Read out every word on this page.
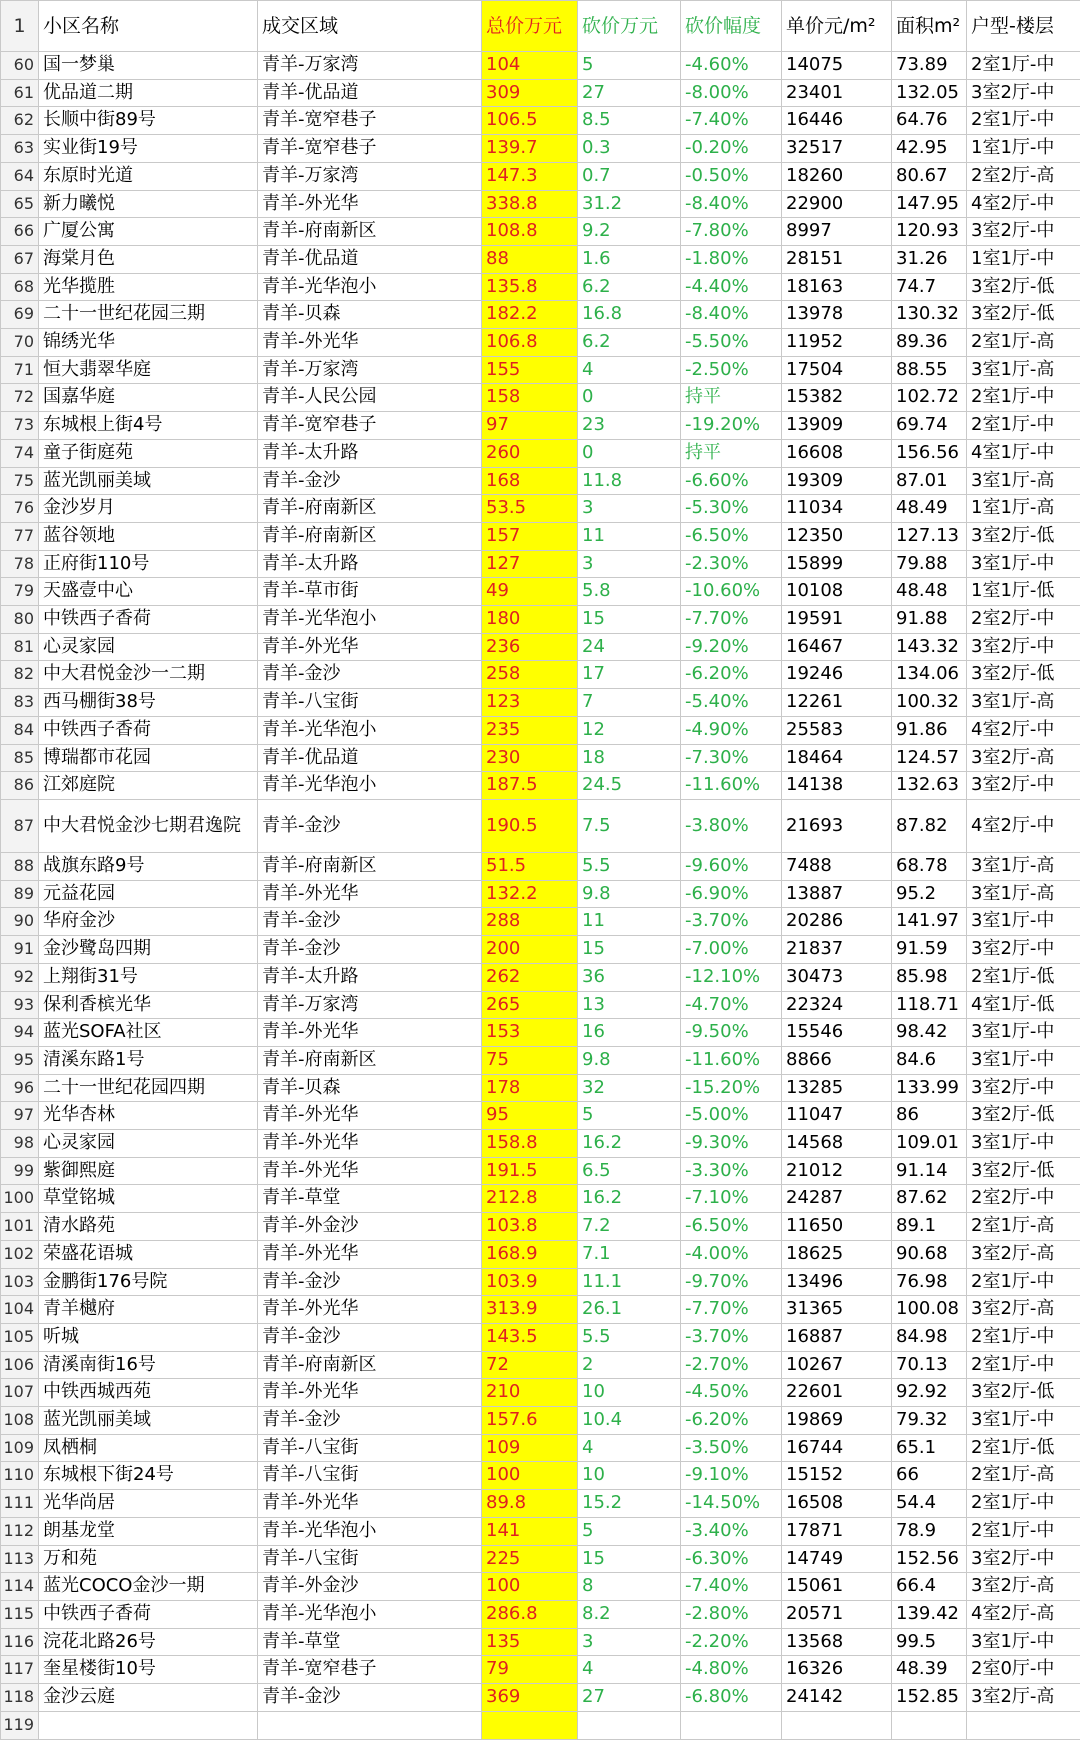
1	小区名称	成交区域	总价万元	砍价万元	砍价幅度	单价元/m²	面积m²	户型-楼层
60	国一梦巢	青羊-万家湾	104	5	-4.60%	14075	73.89	2室1厅-中
61	优品道二期	青羊-优品道	309	27	-8.00%	23401	132.05	3室2厅-中
62	长顺中街89号	青羊-宽窄巷子	106.5	8.5	-7.40%	16446	64.76	2室1厅-中
63	实业街19号	青羊-宽窄巷子	139.7	0.3	-0.20%	32517	42.95	1室1厅-中
64	东原时光道	青羊-万家湾	147.3	0.7	-0.50%	18260	80.67	2室2厅-高
65	新力曦悦	青羊-外光华	338.8	31.2	-8.40%	22900	147.95	4室2厅-中
66	广厦公寓	青羊-府南新区	108.8	9.2	-7.80%	8997	120.93	3室2厅-中
67	海棠月色	青羊-优品道	88	1.6	-1.80%	28151	31.26	1室1厅-中
68	光华揽胜	青羊-光华泡小	135.8	6.2	-4.40%	18163	74.7	3室2厅-低
69	二十一世纪花园三期	青羊-贝森	182.2	16.8	-8.40%	13978	130.32	3室2厅-低
70	锦绣光华	青羊-外光华	106.8	6.2	-5.50%	11952	89.36	2室1厅-高
71	恒大翡翠华庭	青羊-万家湾	155	4	-2.50%	17504	88.55	3室1厅-高
72	国嘉华庭	青羊-人民公园	158	0	持平	15382	102.72	2室1厅-中
73	东城根上街4号	青羊-宽窄巷子	97	23	-19.20%	13909	69.74	2室1厅-中
74	童子街庭苑	青羊-太升路	260	0	持平	16608	156.56	4室1厅-中
75	蓝光凯丽美域	青羊-金沙	168	11.8	-6.60%	19309	87.01	3室1厅-高
76	金沙岁月	青羊-府南新区	53.5	3	-5.30%	11034	48.49	1室1厅-高
77	蓝谷领地	青羊-府南新区	157	11	-6.50%	12350	127.13	3室2厅-低
78	正府街110号	青羊-太升路	127	3	-2.30%	15899	79.88	3室1厅-中
79	天盛壹中心	青羊-草市街	49	5.8	-10.60%	10108	48.48	1室1厅-低
80	中铁西子香荷	青羊-光华泡小	180	15	-7.70%	19591	91.88	2室2厅-中
81	心灵家园	青羊-外光华	236	24	-9.20%	16467	143.32	3室2厅-中
82	中大君悦金沙一二期	青羊-金沙	258	17	-6.20%	19246	134.06	3室2厅-低
83	西马棚街38号	青羊-八宝街	123	7	-5.40%	12261	100.32	3室1厅-高
84	中铁西子香荷	青羊-光华泡小	235	12	-4.90%	25583	91.86	4室2厅-中
85	博瑞都市花园	青羊-优品道	230	18	-7.30%	18464	124.57	3室2厅-高
86	江郊庭院	青羊-光华泡小	187.5	24.5	-11.60%	14138	132.63	3室2厅-中
87	中大君悦金沙七期君逸院	青羊-金沙	190.5	7.5	-3.80%	21693	87.82	4室2厅-中
88	战旗东路9号	青羊-府南新区	51.5	5.5	-9.60%	7488	68.78	3室1厅-高
89	元益花园	青羊-外光华	132.2	9.8	-6.90%	13887	95.2	3室1厅-高
90	华府金沙	青羊-金沙	288	11	-3.70%	20286	141.97	3室1厅-中
91	金沙鹭岛四期	青羊-金沙	200	15	-7.00%	21837	91.59	3室2厅-中
92	上翔街31号	青羊-太升路	262	36	-12.10%	30473	85.98	2室1厅-低
93	保利香槟光华	青羊-万家湾	265	13	-4.70%	22324	118.71	4室1厅-低
94	蓝光SOFA社区	青羊-外光华	153	16	-9.50%	15546	98.42	3室1厅-中
95	清溪东路1号	青羊-府南新区	75	9.8	-11.60%	8866	84.6	3室1厅-中
96	二十一世纪花园四期	青羊-贝森	178	32	-15.20%	13285	133.99	3室2厅-中
97	光华杏林	青羊-外光华	95	5	-5.00%	11047	86	3室2厅-低
98	心灵家园	青羊-外光华	158.8	16.2	-9.30%	14568	109.01	3室1厅-中
99	紫御熙庭	青羊-外光华	191.5	6.5	-3.30%	21012	91.14	3室2厅-低
100	草堂铭城	青羊-草堂	212.8	16.2	-7.10%	24287	87.62	2室2厅-中
101	清水路苑	青羊-外金沙	103.8	7.2	-6.50%	11650	89.1	2室1厅-高
102	荣盛花语城	青羊-外光华	168.9	7.1	-4.00%	18625	90.68	3室2厅-高
103	金鹏街176号院	青羊-金沙	103.9	11.1	-9.70%	13496	76.98	2室1厅-中
104	青羊樾府	青羊-外光华	313.9	26.1	-7.70%	31365	100.08	3室2厅-高
105	听城	青羊-金沙	143.5	5.5	-3.70%	16887	84.98	2室1厅-中
106	清溪南街16号	青羊-府南新区	72	2	-2.70%	10267	70.13	2室1厅-中
107	中铁西城西苑	青羊-外光华	210	10	-4.50%	22601	92.92	3室2厅-低
108	蓝光凯丽美域	青羊-金沙	157.6	10.4	-6.20%	19869	79.32	3室1厅-中
109	凤栖桐	青羊-八宝街	109	4	-3.50%	16744	65.1	2室1厅-低
110	东城根下街24号	青羊-八宝街	100	10	-9.10%	15152	66	2室1厅-高
111	光华尚居	青羊-外光华	89.8	15.2	-14.50%	16508	54.4	2室1厅-中
112	朗基龙堂	青羊-光华泡小	141	5	-3.40%	17871	78.9	2室1厅-中
113	万和苑	青羊-八宝街	225	15	-6.30%	14749	152.56	3室2厅-中
114	蓝光COCO金沙一期	青羊-外金沙	100	8	-7.40%	15061	66.4	3室2厅-高
115	中铁西子香荷	青羊-光华泡小	286.8	8.2	-2.80%	20571	139.42	4室2厅-高
116	浣花北路26号	青羊-草堂	135	3	-2.20%	13568	99.5	3室1厅-中
117	奎星楼街10号	青羊-宽窄巷子	79	4	-4.80%	16326	48.39	2室0厅-中
118	金沙云庭	青羊-金沙	369	27	-6.80%	24142	152.85	3室2厅-高
119								
